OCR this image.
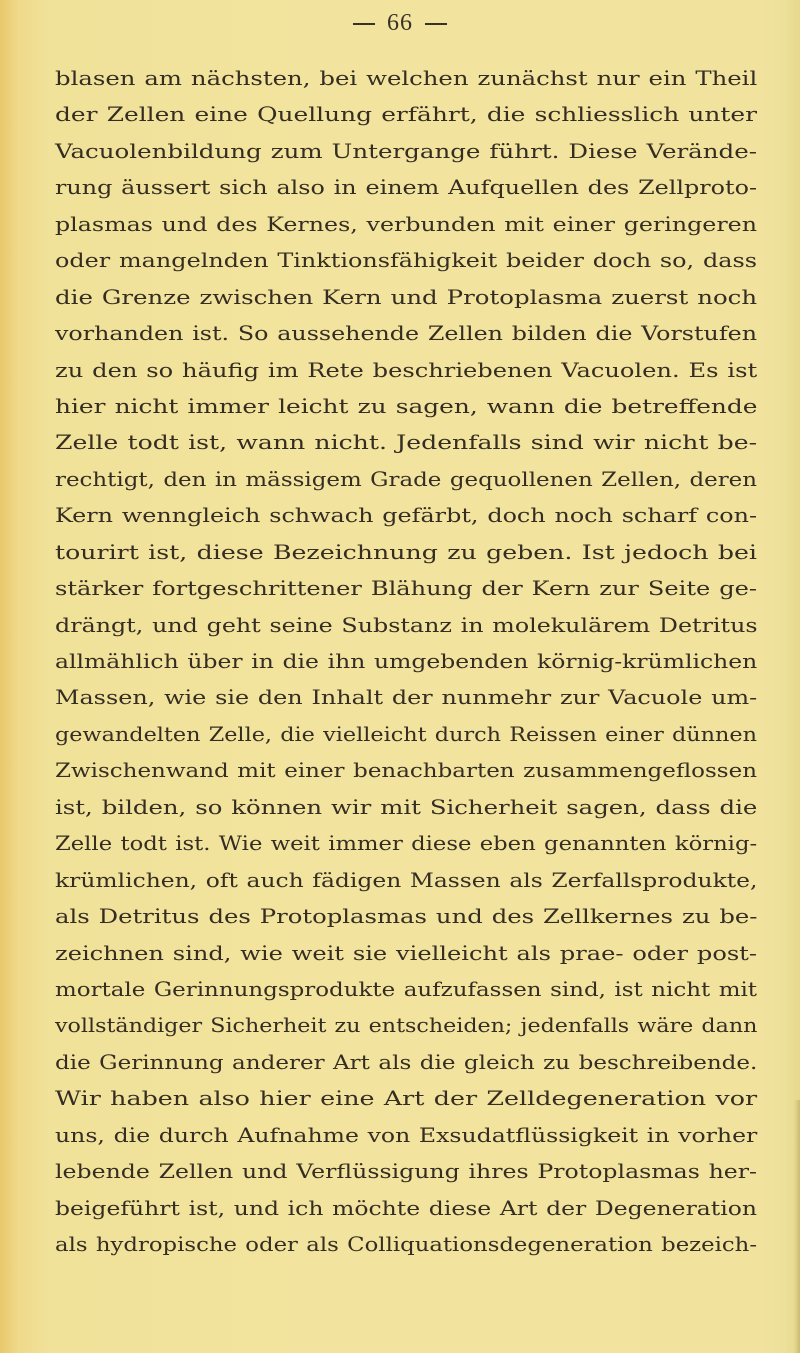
66
blasen am nächsten, bei welchen zunächst nur ein Theil
der Zellen eine Quellung erfährt, die schliesslich unter
Vacuolenbildung zum Untergange führt. Diese Verände-
rung äussert sich also in einem Aufquellen des Zellproto-
plasmas und des Kernes, verbunden mit einer geringeren
oder mangelnden Tinktionsfähigkeit beider doch so, dass
die Grenze zwischen Kern und Protoplasma zuerst noch
vorhanden ist. So aussehende Zellen bilden die Vorstufen
zu den so häufig im Rete beschriebenen Vacuolen. Es ist
hier nicht immer leicht zu sagen, wann die betreffende
Zelle todt ist, wann nicht. Jedenfalls sind wir nicht be-
rechtigt, den in mässigem Grade gequollenen Zellen, deren
Kern wenngleich schwach gefärbt, doch noch scharf con-
tourirt ist, diese Bezeichnung zu geben. Ist jedoch bei
stärker fortgeschrittener Blähung der Kern zur Seite ge-
drängt, und geht seine Substanz in molekulärem Detritus
allmählich über in die ihn umgebenden körnig-krümlichen
Massen, wie sie den Inhalt der nunmehr zur Vacuole um-
gewandelten Zelle, die vielleicht durch Reissen einer dünnen
Zwischenwand mit einer benachbarten zusammengeflossen
ist, bilden, so können wir mit Sicherheit sagen, dass die
Zelle todt ist. Wie weit immer diese eben genannten körnig-
krümlichen, oft auch fädigen Massen als Zerfallsprodukte,
als Detritus des Protoplasmas und des Zellkernes zu be-
zeichnen sind, wie weit sie vielleicht als prae- oder post-
mortale Gerinnungsprodukte aufzufassen sind, ist nicht mit
vollständiger Sicherheit zu entscheiden; jedenfalls wäre dann
die Gerinnung anderer Art als die gleich zu beschreibende.
Wir haben also hier eine Art der Zelldegeneration vor
uns, die durch Aufnahme von Exsudatflüssigkeit in vorher
lebende Zellen und Verflüssigung ihres Protoplasmas her-
beigeführt ist, und ich möchte diese Art der Degeneration
als hydropische oder als Colliquationsdegeneration bezeich-
